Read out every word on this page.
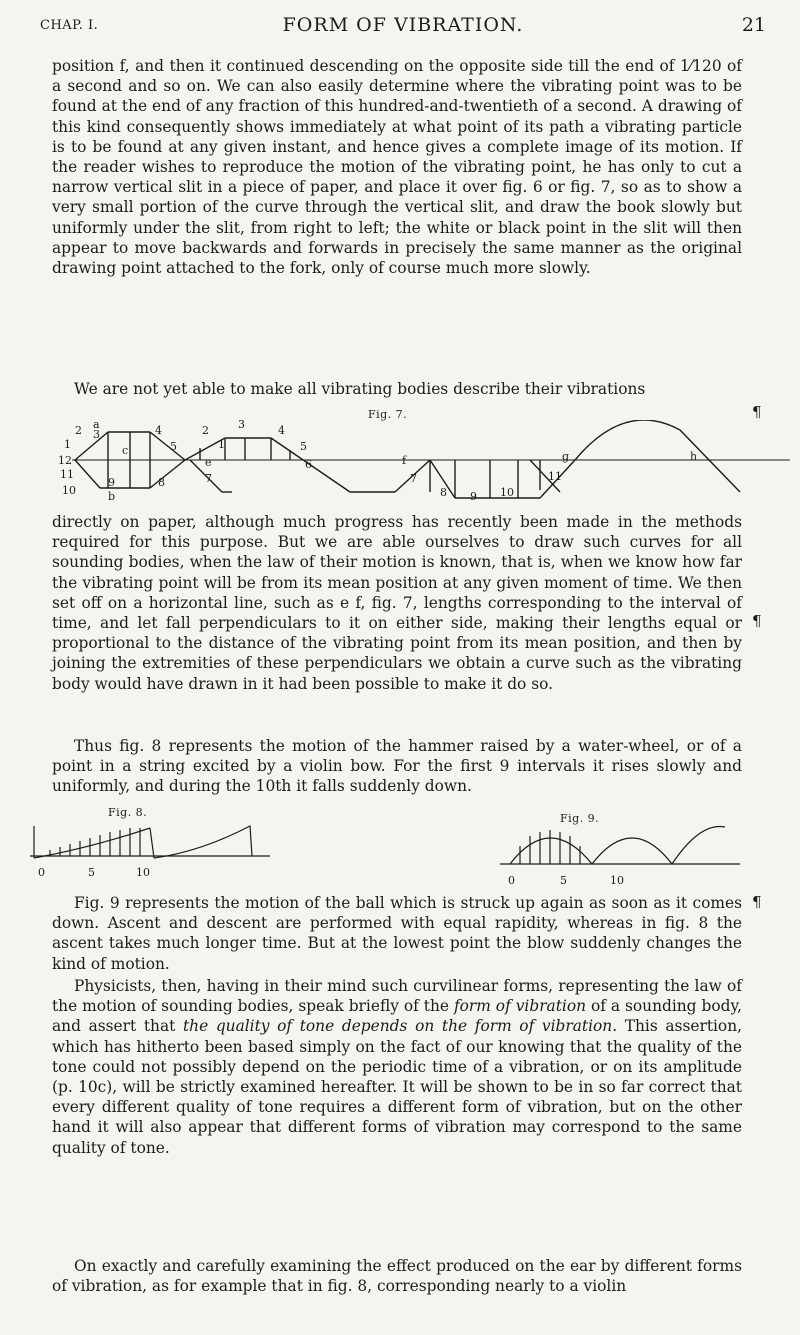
CHAP. I.	FORM OF VIBRATION.	21

position f, and then it continued descending on the opposite side till the end of 1⁄120 of a second and so on. We can also easily determine where the vibrating point was to be found at the end of any fraction of this hundred-and-twentieth of a second. A drawing of this kind consequently shows immediately at what point of its path a vibrating particle is to be found at any given instant, and hence gives a complete image of its motion. If the reader wishes to reproduce the motion of the vibrating point, he has only to cut a narrow vertical slit in a piece of paper, and place it over fig. 6 or fig. 7, so as to show a very small portion of the curve through the vertical slit, and draw the book slowly but uniformly under the slit, from right to left; the white or black point in the slit will then appear to move backwards and forwards in precisely the same manner as the original drawing point attached to the fork, only of course much more slowly.

We are not yet able to make all vibrating bodies describe their vibrations

¶
Fig. 7.
2 a
3	4
1
12
11
10
c
9
b
8
5
2	3	4
1
e
7
5
6	f
7
8 9 10
11
g	h

directly on paper, although much progress has recently been made in the methods required for this purpose. But we are able ourselves to draw such curves for all sounding bodies, when the law of their motion is known, that is, when we know how far the vibrating point will be from its mean position at any given moment of time. We then set off on a horizontal line, such as e f, fig. 7, lengths corresponding to the interval of time, and let fall perpendiculars to it on either side, making their lengths equal or proportional to the distance of the vibrating point from its mean position, and then by joining the extremities of these perpendiculars we obtain a curve such as the vibrating body would have drawn in it had been possible to make it do so.

¶

Thus fig. 8 represents the motion of the hammer raised by a water-wheel, or of a point in a string excited by a violin bow. For the first 9 intervals it rises slowly and uniformly, and during the 10th it falls suddenly down.

Fig. 8.
0	5	10
Fig. 9.
0	5	10

Fig. 9 represents the motion of the ball which is struck up again as soon as it comes down. Ascent and descent are performed with equal rapidity, whereas in fig. 8 the ascent takes much longer time. But at the lowest point the blow suddenly changes the kind of motion.

¶

Physicists, then, having in their mind such curvilinear forms, representing the law of the motion of sounding bodies, speak briefly of the form of vibration of a sounding body, and assert that the quality of tone depends on the form of vibration. This assertion, which has hitherto been based simply on the fact of our knowing that the quality of the tone could not possibly depend on the periodic time of a vibration, or on its amplitude (p. 10c), will be strictly examined hereafter. It will be shown to be in so far correct that every different quality of tone requires a different form of vibration, but on the other hand it will also appear that different forms of vibration may correspond to the same quality of tone.

On exactly and carefully examining the effect produced on the ear by different forms of vibration, as for example that in fig. 8, corresponding nearly to a violin
